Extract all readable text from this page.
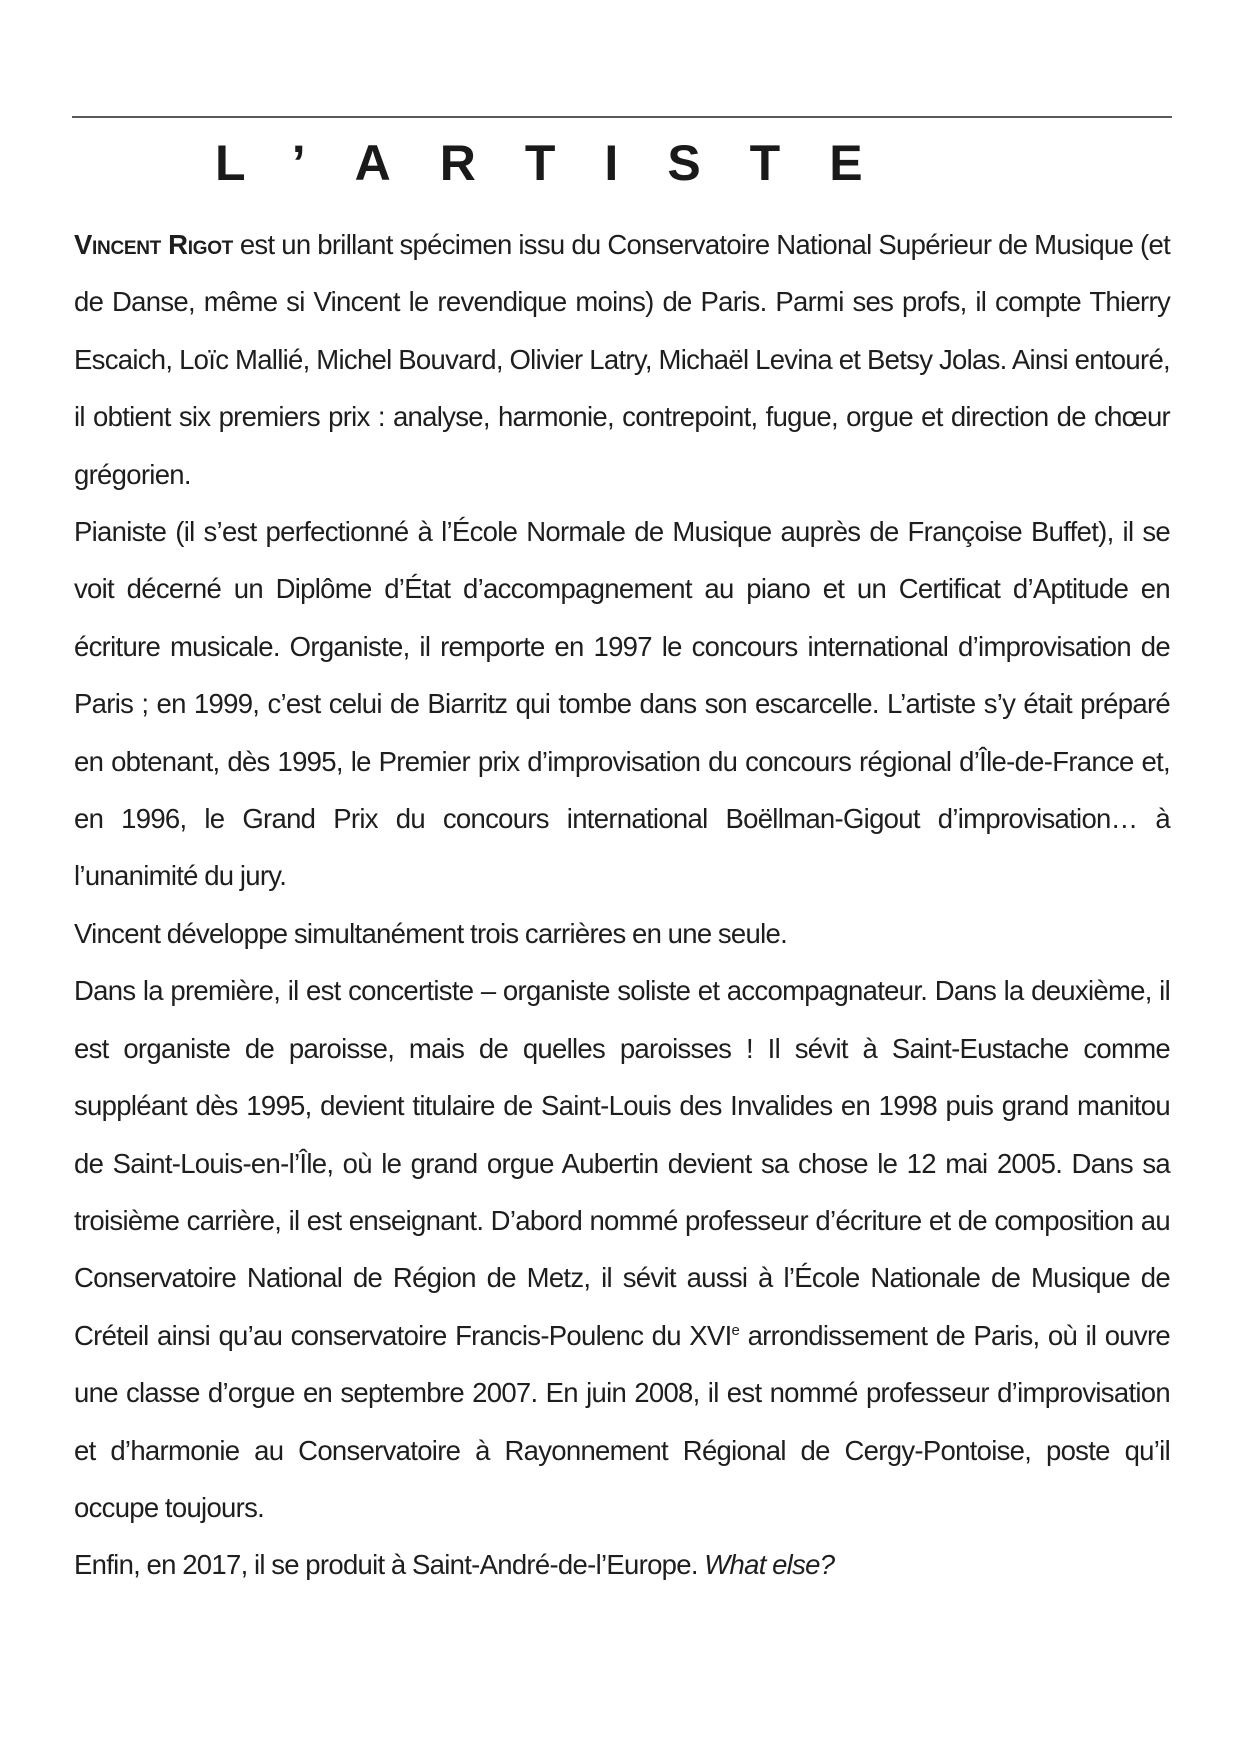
L’ARTISTE

Vincent Rigot est un brillant spécimen issu du Conservatoire National Supérieur de Musique (et de Danse, même si Vincent le revendique moins) de Paris. Parmi ses profs, il compte Thierry Escaich, Loïc Mallié, Michel Bouvard, Olivier Latry, Michaël Levina et Betsy Jolas. Ainsi entouré, il obtient six premiers prix : analyse, harmonie, contrepoint, fugue, orgue et direction de chœur grégorien.

Pianiste (il s’est perfectionné à l’École Normale de Musique auprès de Françoise Buffet), il se voit décerné un Diplôme d’État d’accompagnement au piano et un Certificat d’Aptitude en écriture musicale. Organiste, il remporte en 1997 le concours international d’improvisation de Paris ; en 1999, c’est celui de Biarritz qui tombe dans son escarcelle. L’artiste s’y était préparé en obtenant, dès 1995, le Premier prix d’improvisation du concours régional d’Île-de-France et, en 1996, le Grand Prix du concours international Boëllman-Gigout d’improvisation… à l’unanimité du jury.

Vincent développe simultanément trois carrières en une seule.

Dans la première, il est concertiste – organiste soliste et accompagnateur. Dans la deuxième, il est organiste de paroisse, mais de quelles paroisses ! Il sévit à Saint-Eustache comme suppléant dès 1995, devient titulaire de Saint-Louis des Invalides en 1998 puis grand manitou de Saint-Louis-en-l’Île, où le grand orgue Aubertin devient sa chose le 12 mai 2005. Dans sa troisième carrière, il est enseignant. D’abord nommé professeur d’écriture et de composition au Conservatoire National de Région de Metz, il sévit aussi à l’École Nationale de Musique de Créteil ainsi qu’au conservatoire Francis-Poulenc du XVIe arrondissement de Paris, où il ouvre une classe d’orgue en septembre 2007. En juin 2008, il est nommé professeur d’improvisation et d’harmonie au Conservatoire à Rayonnement Régional de Cergy-Pontoise, poste qu’il occupe toujours.

Enfin, en 2017, il se produit à Saint-André-de-l’Europe. What else?
